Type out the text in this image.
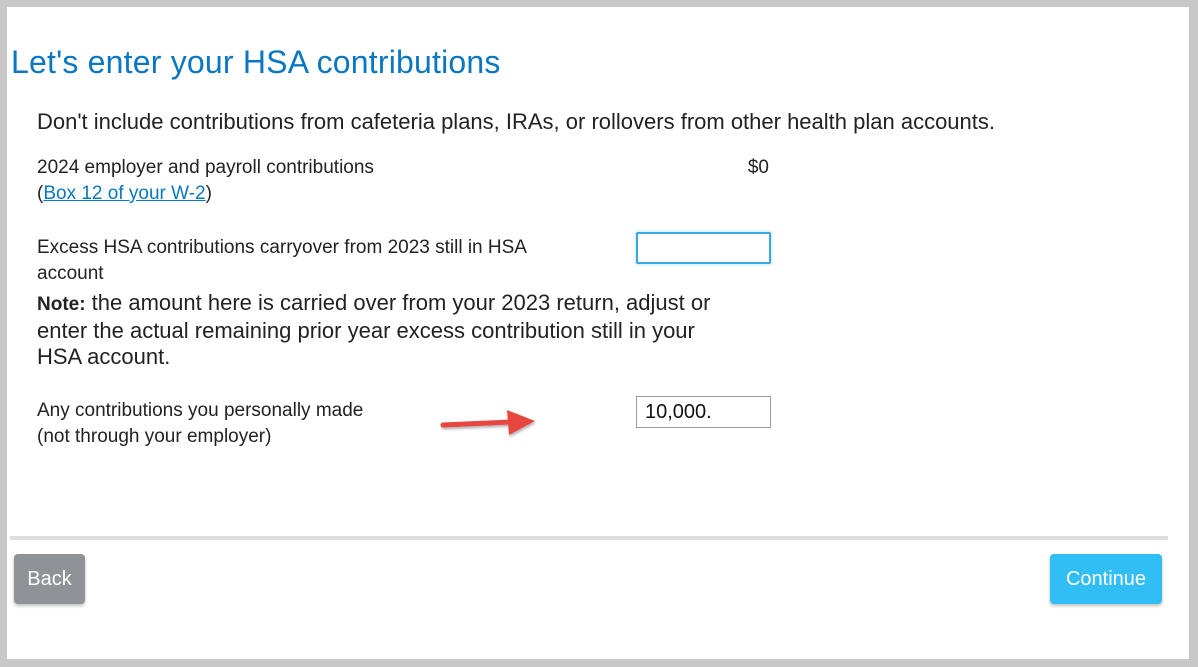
Let's enter your HSA contributions

Don't include contributions from cafeteria plans, IRAs, or rollovers from other health plan accounts.

2024 employer and payroll contributions
(Box 12 of your W-2)
$0
Excess HSA contributions carryover from 2023 still in HSA account
Note: the amount here is carried over from your 2023 return, adjust or enter the actual remaining prior year excess contribution still in your HSA account.
Any contributions you personally made
(not through your employer)
10,000.
Back	Continue
